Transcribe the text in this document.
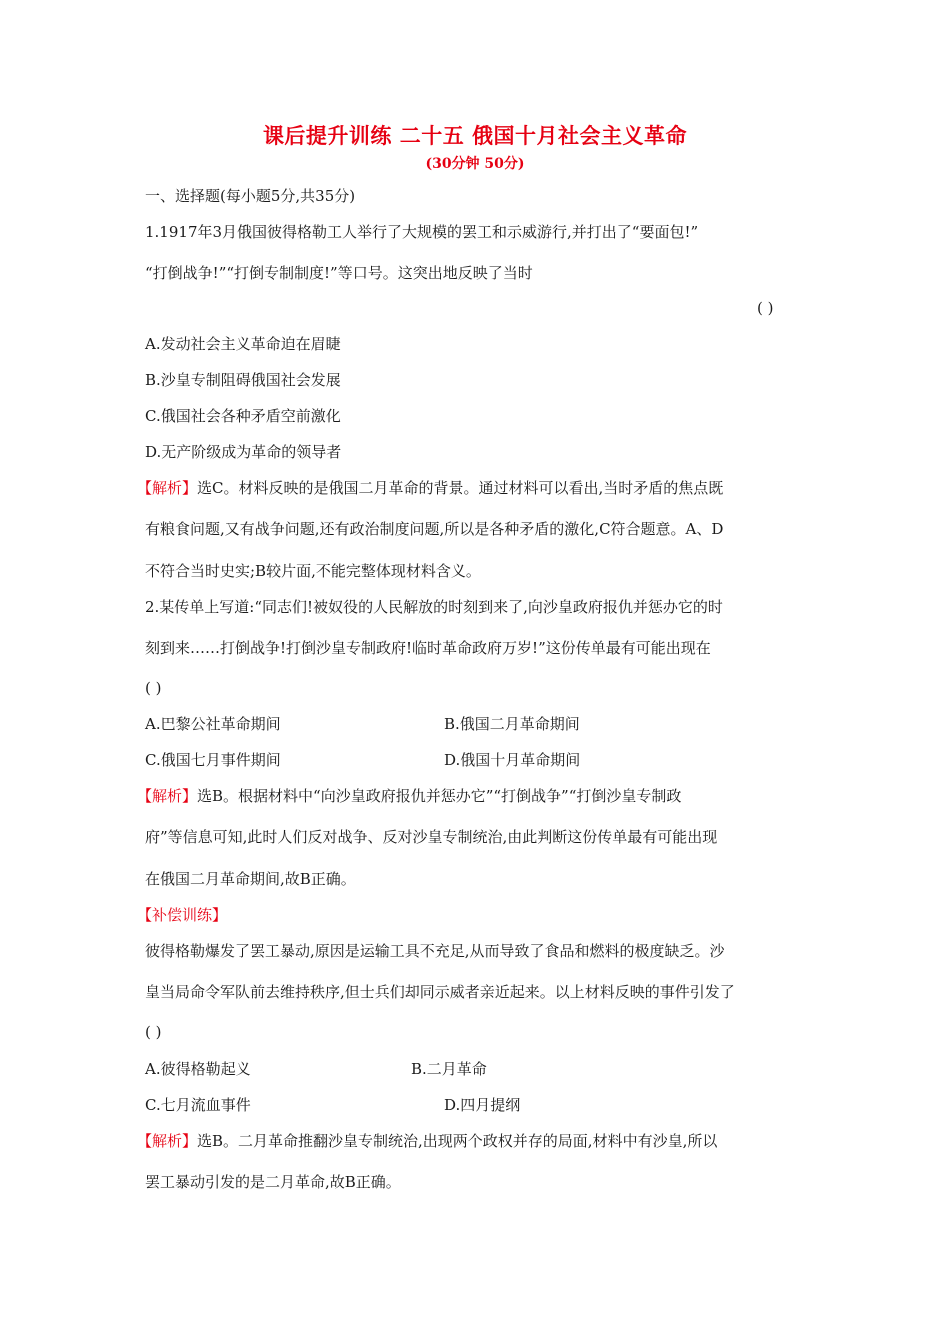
课后提升训练 二十五 俄国十月社会主义革命
(30分钟 50分)
一、选择题(每小题5分,共35分)
1.1917年3月俄国彼得格勒工人举行了大规模的罢工和示威游行,并打出了“要面包!”
“打倒战争!”“打倒专制制度!”等口号。这突出地反映了当时
( )
A.发动社会主义革命迫在眉睫
B.沙皇专制阻碍俄国社会发展
C.俄国社会各种矛盾空前激化
D.无产阶级成为革命的领导者
【解析】选C。材料反映的是俄国二月革命的背景。通过材料可以看出,当时矛盾的焦点既
有粮食问题,又有战争问题,还有政治制度问题,所以是各种矛盾的激化,C符合题意。A、D
不符合当时史实;B较片面,不能完整体现材料含义。
2.某传单上写道:“同志们!被奴役的人民解放的时刻到来了,向沙皇政府报仇并惩办它的时
刻到来……打倒战争!打倒沙皇专制政府!临时革命政府万岁!”这份传单最有可能出现在
( )
A.巴黎公社革命期间	B.俄国二月革命期间
C.俄国七月事件期间	D.俄国十月革命期间
【解析】选B。根据材料中“向沙皇政府报仇并惩办它”“打倒战争”“打倒沙皇专制政
府”等信息可知,此时人们反对战争、反对沙皇专制统治,由此判断这份传单最有可能出现
在俄国二月革命期间,故B正确。
【补偿训练】
彼得格勒爆发了罢工暴动,原因是运输工具不充足,从而导致了食品和燃料的极度缺乏。沙
皇当局命令军队前去维持秩序,但士兵们却同示威者亲近起来。以上材料反映的事件引发了
( )
A.彼得格勒起义	B.二月革命
C.七月流血事件	D.四月提纲
【解析】选B。二月革命推翻沙皇专制统治,出现两个政权并存的局面,材料中有沙皇,所以
罢工暴动引发的是二月革命,故B正确。
